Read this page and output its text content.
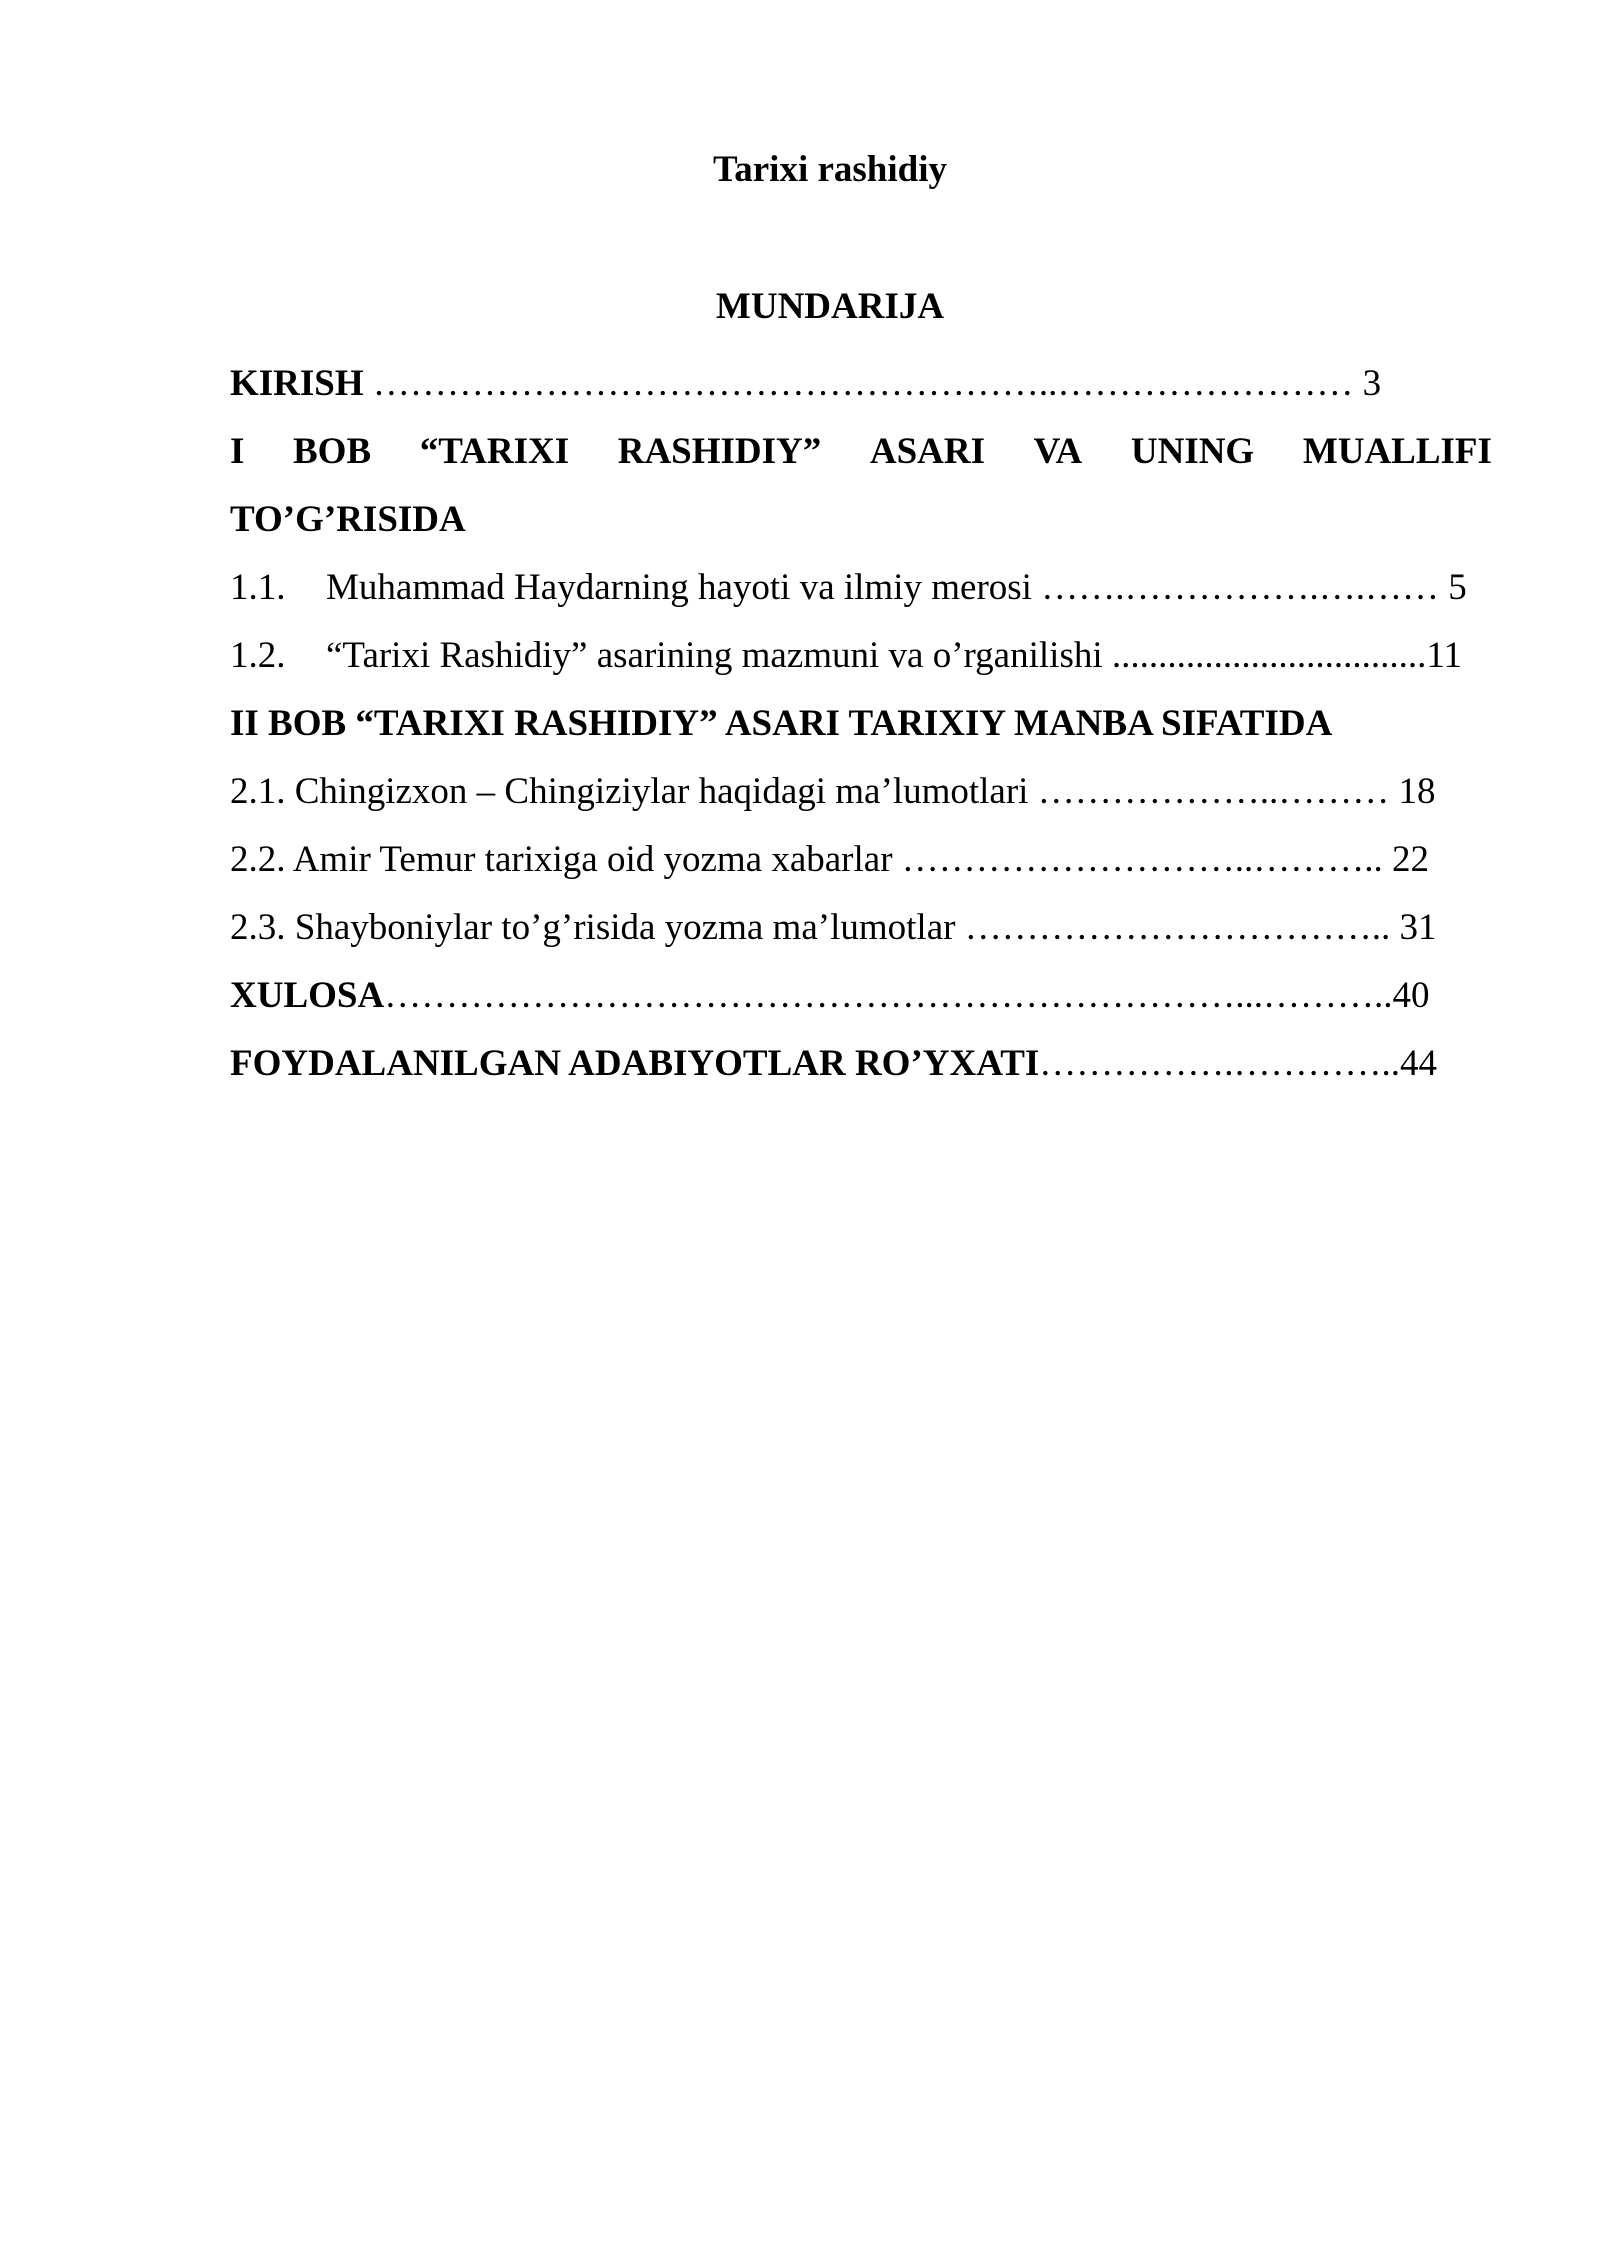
Tarixi rashidiy

MUNDARIJA

KIRISH ………………………………………………..…………………… 3
I BOB “TARIXI RASHIDIY” ASARI VA UNING MUALLIFI
TO’G’RISIDA
1.1. Muhammad Haydarning hayoti va ilmiy merosi …….…………….….…… 5
1.2. “Tarixi Rashidiy” asarining mazmuni va o’rganilishi ..................................11
II BOB “TARIXI RASHIDIY” ASARI TARIXIY MANBA SIFATIDA
2.1. Chingizxon – Chingiziylar haqidagi ma’lumotlari ………………..……… 18
2.2. Amir Temur tarixiga oid yozma xabarlar ………………………..……….. 22
2.3. Shayboniylar to’g’risida yozma ma’lumotlar …………………………….. 31
XULOSA……………………………………………………………...………..40
FOYDALANILGAN ADABIYOTLAR RO’YXATI…………….…………..44
